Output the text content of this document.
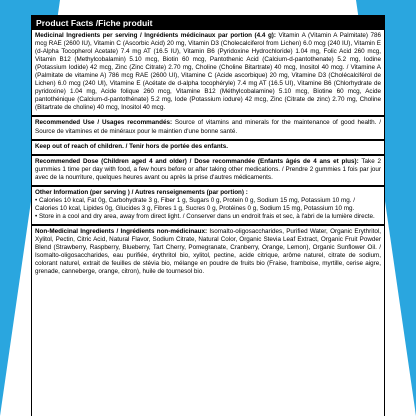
Product Facts /Fiche produit
Medicinal Ingredients per serving / Ingrédients médicinaux par portion (4.4 g): Vitamin A (Vitamin A Palmitate) 786 mcg RAE (2600 IU), Vitamin C (Ascorbic Acid) 20 mg, Vitamin D3 (Cholecalciferol from Lichen) 6.0 mcg (240 IU), Vitamin E (d-Alpha Tocopherol Acetate) 7.4 mg AT (16.5 IU), Vitamin B6 (Pyridoxine Hydrochloride) 1.04 mg, Folic Acid 260 mcg, Vitamin B12 (Methylcobalamin) 5.10 mcg, Biotin 60 mcg, Pantothenic Acid (Calcium-d-pantothenate) 5.2 mg, Iodine (Potassium Iodide) 42 mcg, Zinc (Zinc Citrate) 2.70 mg, Choline (Choline Bitartrate) 40 mcg, Inositol 40 mcg. / Vitamine A (Palmitate de vitamine A) 786 mcg RAE (2600 UI), Vitamine C (Acide ascorbique) 20 mg, Vitamine D3 (Cholécalciférol de Lichen) 6.0 mcg (240 UI), Vitamine E (Acétate de d-alpha tocophéryle) 7.4 mg AT (16.5 UI), Vitamine B6 (Chlorhydrate de pyridoxine) 1.04 mg, Acide folique 260 mcg, Vitamine B12 (Méthylcobalamine) 5.10 mcg, Biotine 60 mcg, Acide pantothénique (Calcium-d-pantothénate) 5.2 mg, Iode (Potassium iodure) 42 mcg, Zinc (Citrate de zinc) 2.70 mg, Choline (Bitartrate de choline) 40 mcg, Inositol 40 mcg.
Recommended Use / Usages recommandés: Source of vitamins and minerals for the maintenance of good health. / Source de vitamines et de minéraux pour le maintien d'une bonne santé.
Keep out of reach of children. / Tenir hors de portée des enfants.
Recommended Dose (Children aged 4 and older) / Dose recommandée (Enfants âgés de 4 ans et plus): Take 2 gummies 1 time per day with food, a few hours before or after taking other medications. / Prendre 2 gummies 1 fois par jour avec de la nourriture, quelques heures avant ou après la prise d'autres médicaments.
Other Information (per serving ) / Autres renseignements (par portion) :
• Calories 10 kcal, Fat 0g, Carbohydrate 3 g, Fiber 1 g, Sugars 0 g, Protein 0 g, Sodium 15 mg, Potassium 10 mg. /
Calories 10 kcal, Lipides 0g, Glucides 3 g, Fibres 1 g, Sucres 0 g, Protéines 0 g, Sodium 15 mg, Potassium 10 mg.
• Store in a cool and dry area, away from direct light. / Conserver dans un endroit frais et sec, à l'abri de la lumière directe.
Non-Medicinal Ingredients / Ingrédients non-médicinaux: Isomalto-oligosaccharides, Purified Water, Organic Erythritol, Xylitol, Pectin, Citric Acid, Natural Flavor, Sodium Citrate, Natural Color, Organic Stevia Leaf Extract, Organic Fruit Powder Blend (Strawberry, Raspberry, Blueberry, Tart Cherry, Pomegranate, Cranberry, Orange, Lemon), Organic Sunflower Oil. / Isomalto-oligosaccharides, eau purifiée, érythritol bio, xylitol, pectine, acide citrique, arôme naturel, citrate de sodium, colorant naturel, extrait de feuilles de stévia bio, mélange en poudre de fruits bio (Fraise, framboise, myrtille, cerise aigre, grenade, canneberge, orange, citron), huile de tournesol bio.
